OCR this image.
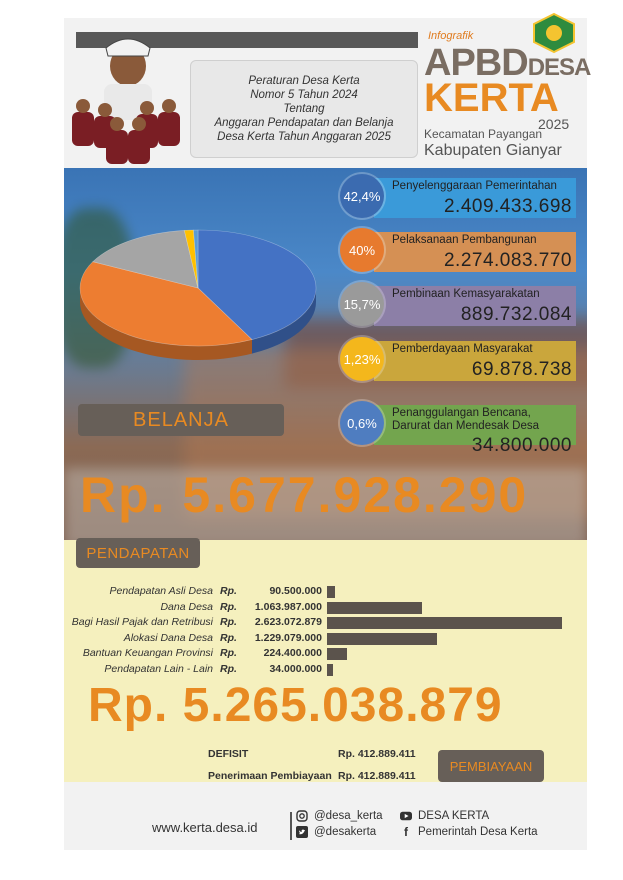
Peraturan Desa Kerta
Nomor 5 Tahun 2024
Tentang
Anggaran Pendapatan dan Belanja
Desa Kerta Tahun Anggaran 2025
Infografik
APBDDESA
KERTA
2025
Kecamatan Payangan
Kabupaten Gianyar
42,4%
Penyelenggaraan Pemerintahan
2.409.433.698
40%
Pelaksanaan Pembangunan
2.274.083.770
15,7%
Pembinaan Kemasyarakatan
889.732.084
1,23%
Pemberdayaan Masyarakat
69.878.738
0,6%
Penanggulangan Bencana,
Darurat dan Mendesak Desa
34.800.000
BELANJA
Rp. 5.677.928.290
PENDAPATAN
Pendapatan Asli Desa Rp.	90.500.000
Dana Desa Rp.	1.063.987.000
Bagi Hasil Pajak dan Retribusi Rp.	2.623.072.879
Alokasi Dana Desa Rp.	1.229.079.000
Bantuan Keuangan Provinsi Rp.	224.400.000
Pendapatan Lain - Lain Rp.	34.000.000
Rp. 5.265.038.879
DEFISIT	Rp. 412.889.411
Penerimaan Pembiayaan Rp. 412.889.411
PEMBIAYAAN
www.kerta.desa.id
@desa_kerta
@desakerta
DESA KERTA
f Pemerintah Desa Kerta
